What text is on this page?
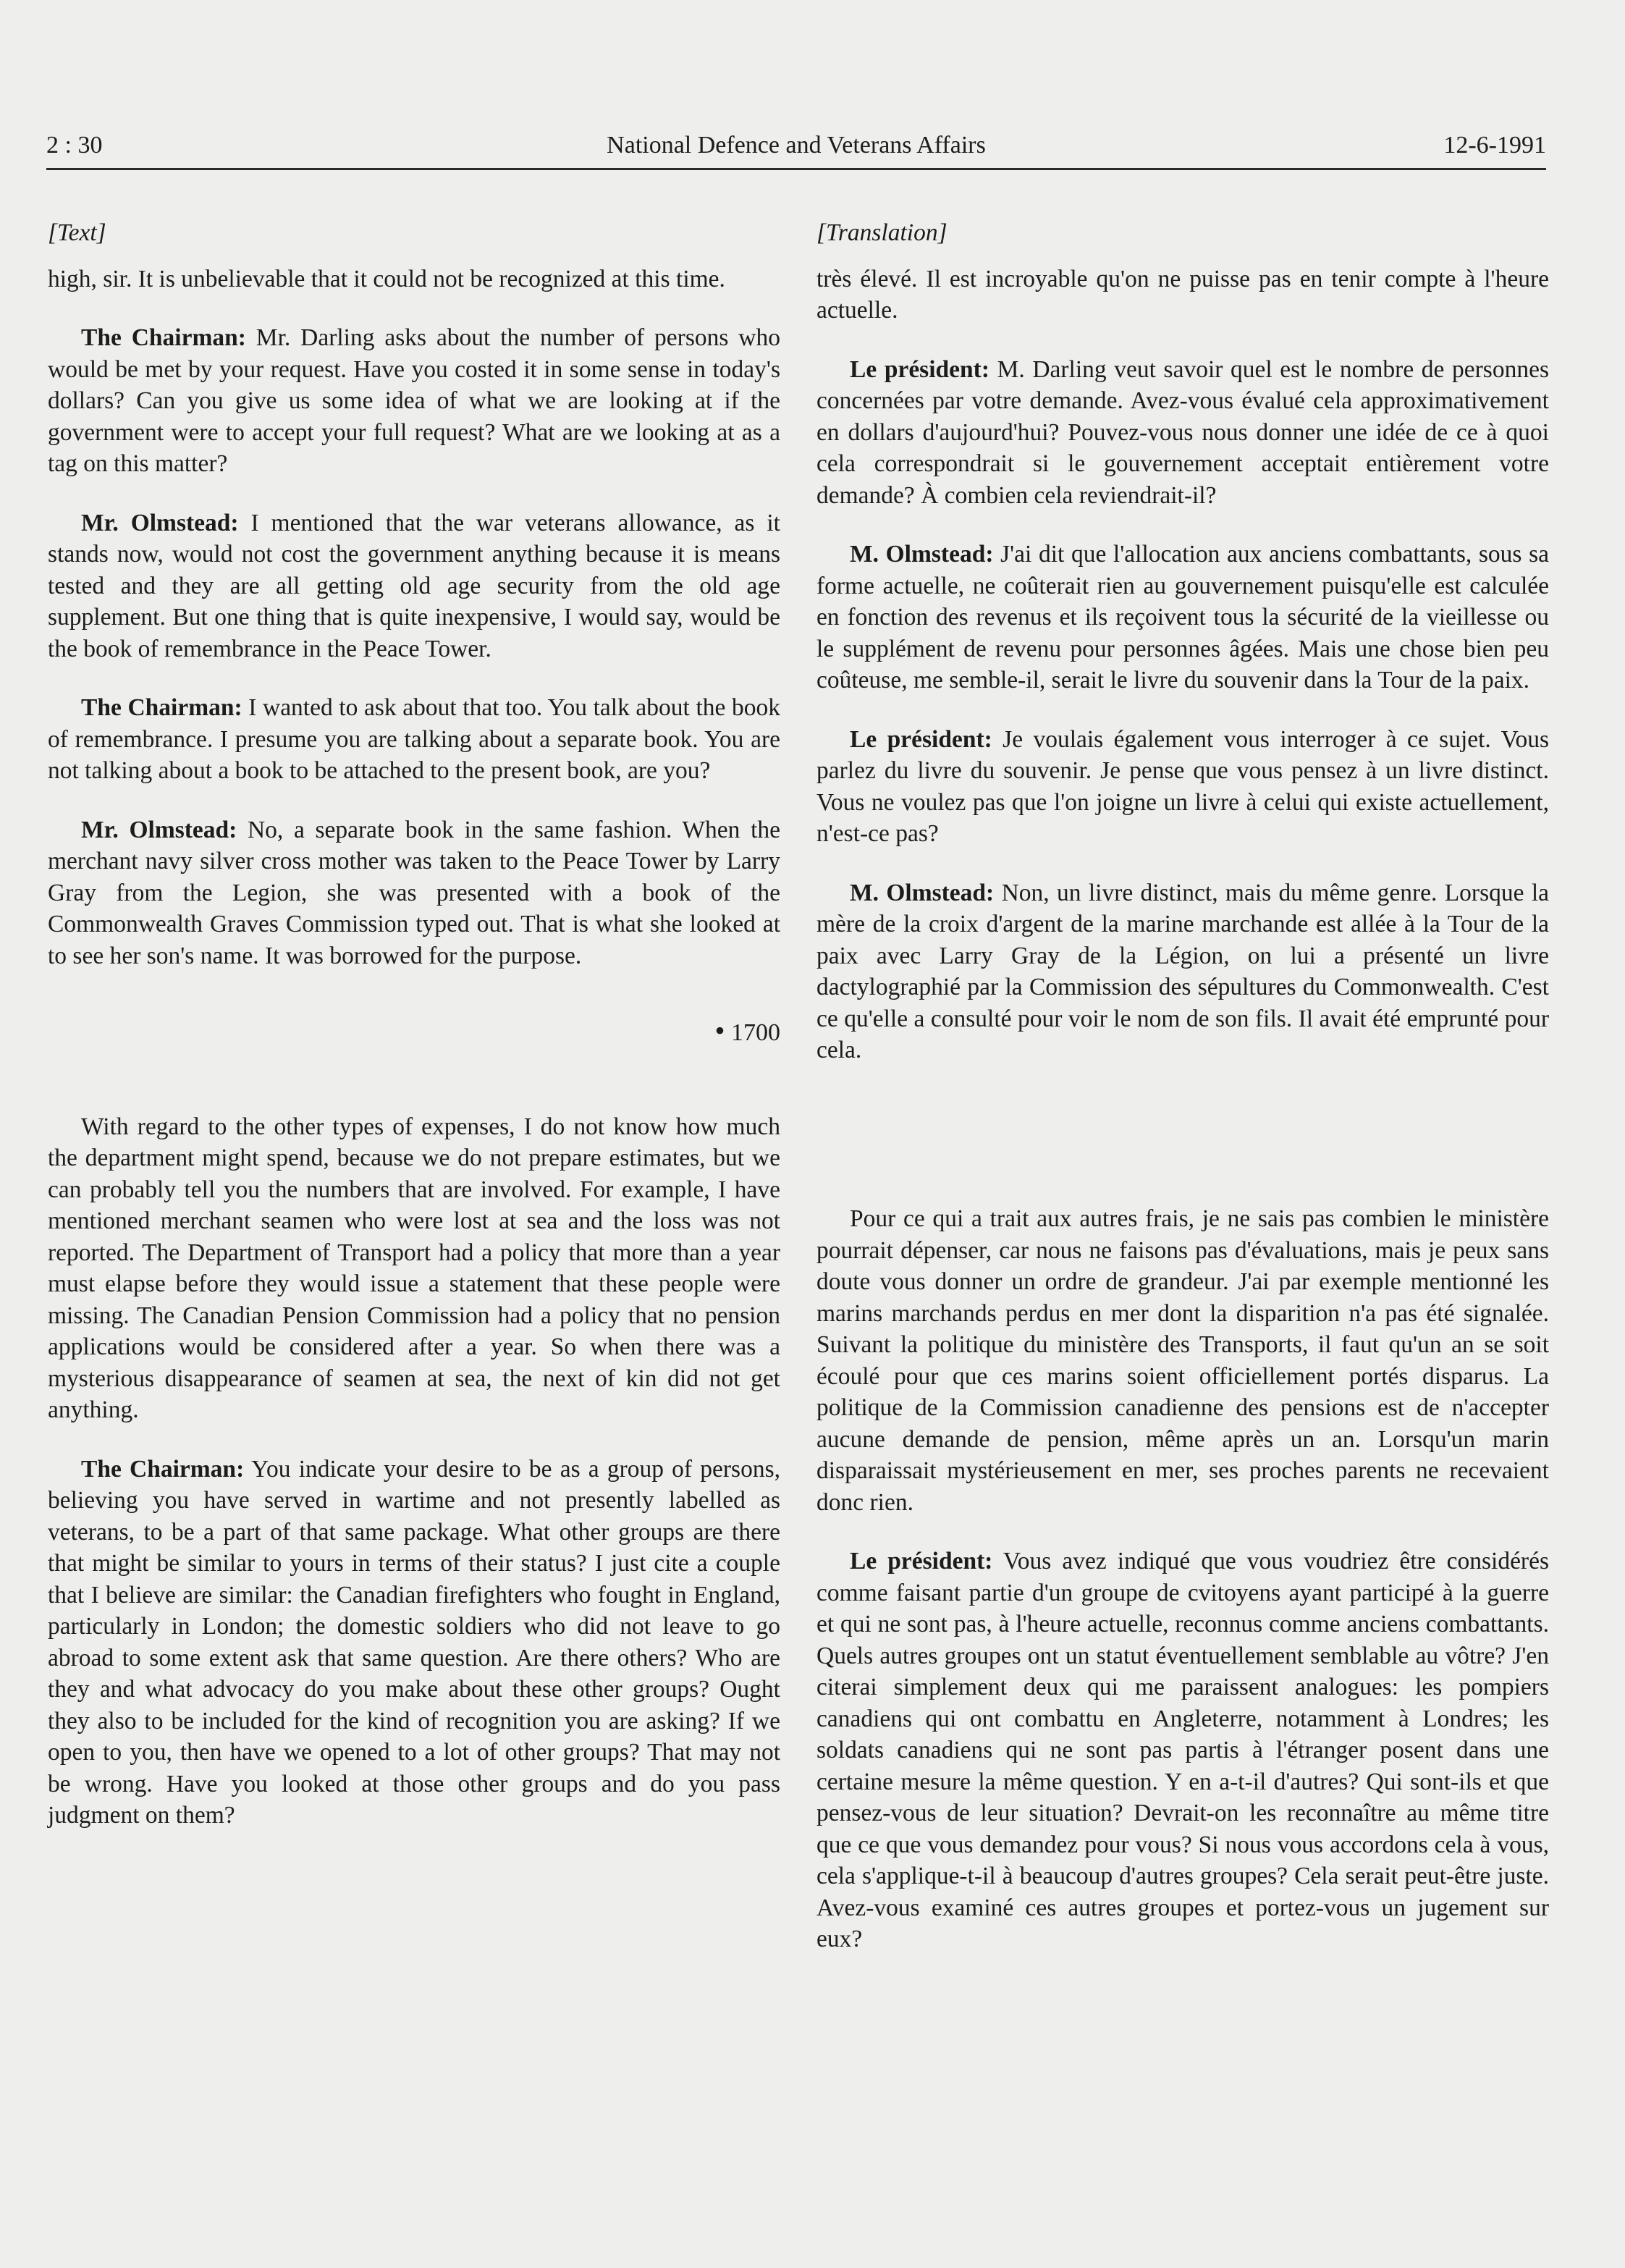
2 : 30	National Defence and Veterans Affairs	12-6-1991
[Text]

high, sir. It is unbelievable that it could not be recognized at this time.

The Chairman: Mr. Darling asks about the number of persons who would be met by your request. Have you costed it in some sense in today's dollars? Can you give us some idea of what we are looking at if the government were to accept your full request? What are we looking at as a tag on this matter?

Mr. Olmstead: I mentioned that the war veterans allowance, as it stands now, would not cost the government anything because it is means tested and they are all getting old age security from the old age supplement. But one thing that is quite inexpensive, I would say, would be the book of remembrance in the Peace Tower.

The Chairman: I wanted to ask about that too. You talk about the book of remembrance. I presume you are talking about a separate book. You are not talking about a book to be attached to the present book, are you?

Mr. Olmstead: No, a separate book in the same fashion. When the merchant navy silver cross mother was taken to the Peace Tower by Larry Gray from the Legion, she was presented with a book of the Commonwealth Graves Commission typed out. That is what she looked at to see her son's name. It was borrowed for the purpose.

• 1700

With regard to the other types of expenses, I do not know how much the department might spend, because we do not prepare estimates, but we can probably tell you the numbers that are involved. For example, I have mentioned merchant seamen who were lost at sea and the loss was not reported. The Department of Transport had a policy that more than a year must elapse before they would issue a statement that these people were missing. The Canadian Pension Commission had a policy that no pension applications would be considered after a year. So when there was a mysterious disappearance of seamen at sea, the next of kin did not get anything.

The Chairman: You indicate your desire to be as a group of persons, believing you have served in wartime and not presently labelled as veterans, to be a part of that same package. What other groups are there that might be similar to yours in terms of their status? I just cite a couple that I believe are similar: the Canadian firefighters who fought in England, particularly in London; the domestic soldiers who did not leave to go abroad to some extent ask that same question. Are there others? Who are they and what advocacy do you make about these other groups? Ought they also to be included for the kind of recognition you are asking? If we open to you, then have we opened to a lot of other groups? That may not be wrong. Have you looked at those other groups and do you pass judgment on them?

[Translation]

très élevé. Il est incroyable qu'on ne puisse pas en tenir compte à l'heure actuelle.

Le président: M. Darling veut savoir quel est le nombre de personnes concernées par votre demande. Avez-vous évalué cela approximativement en dollars d'aujourd'hui? Pouvez-vous nous donner une idée de ce à quoi cela correspondrait si le gouvernement acceptait entièrement votre demande? À combien cela reviendrait-il?

M. Olmstead: J'ai dit que l'allocation aux anciens combattants, sous sa forme actuelle, ne coûterait rien au gouvernement puisqu'elle est calculée en fonction des revenus et ils reçoivent tous la sécurité de la vieillesse ou le supplément de revenu pour personnes âgées. Mais une chose bien peu coûteuse, me semble-il, serait le livre du souvenir dans la Tour de la paix.

Le président: Je voulais également vous interroger à ce sujet. Vous parlez du livre du souvenir. Je pense que vous pensez à un livre distinct. Vous ne voulez pas que l'on joigne un livre à celui qui existe actuellement, n'est-ce pas?

M. Olmstead: Non, un livre distinct, mais du même genre. Lorsque la mère de la croix d'argent de la marine marchande est allée à la Tour de la paix avec Larry Gray de la Légion, on lui a présenté un livre dactylographié par la Commission des sépultures du Commonwealth. C'est ce qu'elle a consulté pour voir le nom de son fils. Il avait été emprunté pour cela.

Pour ce qui a trait aux autres frais, je ne sais pas combien le ministère pourrait dépenser, car nous ne faisons pas d'évaluations, mais je peux sans doute vous donner un ordre de grandeur. J'ai par exemple mentionné les marins marchands perdus en mer dont la disparition n'a pas été signalée. Suivant la politique du ministère des Transports, il faut qu'un an se soit écoulé pour que ces marins soient officiellement portés disparus. La politique de la Commission canadienne des pensions est de n'accepter aucune demande de pension, même après un an. Lorsqu'un marin disparaissait mystérieusement en mer, ses proches parents ne recevaient donc rien.

Le président: Vous avez indiqué que vous voudriez être considérés comme faisant partie d'un groupe de cvitoyens ayant participé à la guerre et qui ne sont pas, à l'heure actuelle, reconnus comme anciens combattants. Quels autres groupes ont un statut éventuellement semblable au vôtre? J'en citerai simplement deux qui me paraissent analogues: les pompiers canadiens qui ont combattu en Angleterre, notamment à Londres; les soldats canadiens qui ne sont pas partis à l'étranger posent dans une certaine mesure la même question. Y en a-t-il d'autres? Qui sont-ils et que pensez-vous de leur situation? Devrait-on les reconnaître au même titre que ce que vous demandez pour vous? Si nous vous accordons cela à vous, cela s'applique-t-il à beaucoup d'autres groupes? Cela serait peut-être juste. Avez-vous examiné ces autres groupes et portez-vous un jugement sur eux?
